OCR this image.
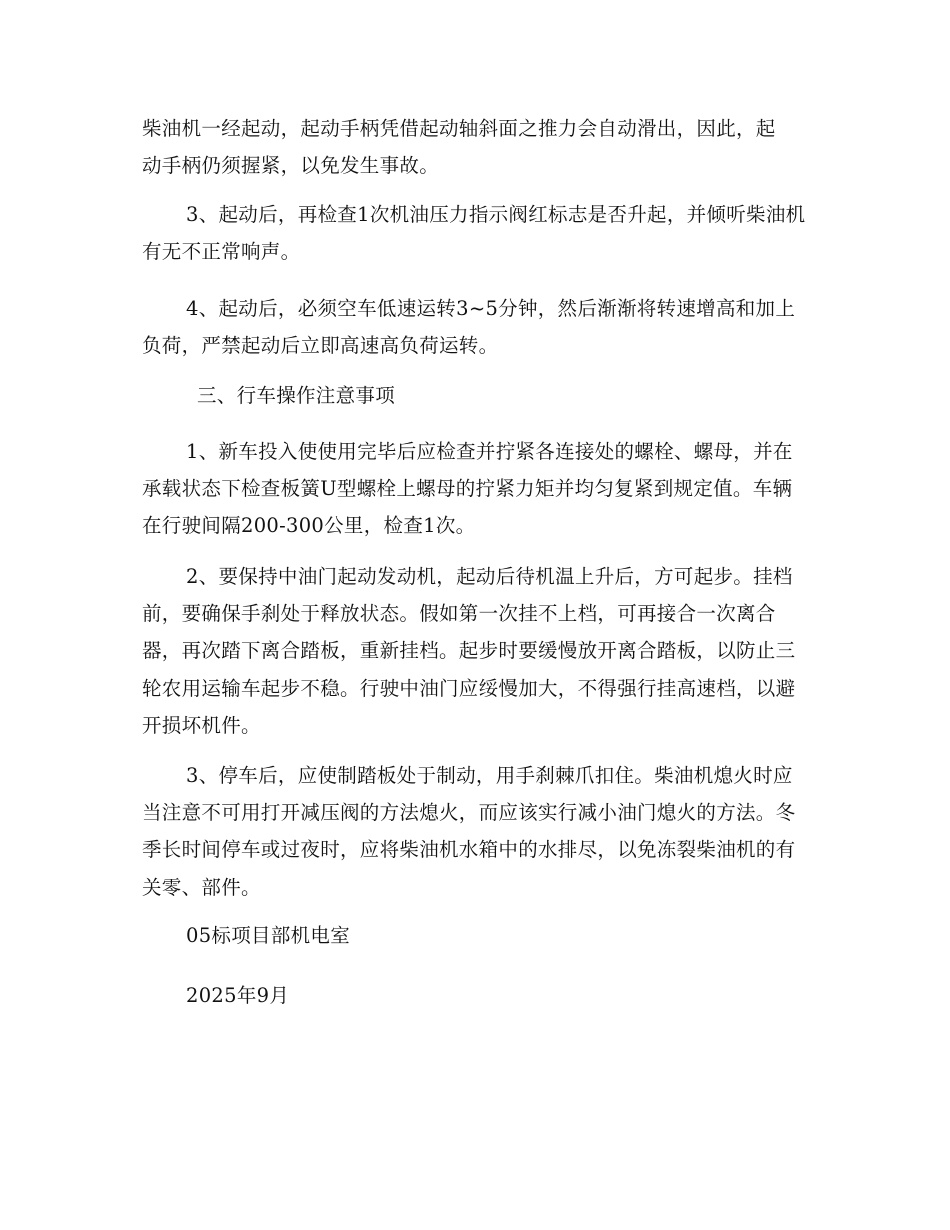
柴油机一经起动，起动手柄凭借起动轴斜面之推力会自动滑出，因此，起动手柄仍须握紧，以免发生事故。

3、起动后，再检查1次机油压力指示阀红标志是否升起，并倾听柴油机有无不正常响声。

4、起动后，必须空车低速运转3~5分钟，然后渐渐将转速增高和加上负荷，严禁起动后立即高速高负荷运转。

三、行车操作注意事项

1、新车投入使使用完毕后应检查并拧紧各连接处的螺栓、螺母，并在承载状态下检查板簧U型螺栓上螺母的拧紧力矩并均匀复紧到规定值。车辆在行驶间隔200-300公里，检查1次。

2、要保持中油门起动发动机，起动后待机温上升后，方可起步。挂档前，要确保手刹处于释放状态。假如第一次挂不上档，可再接合一次离合器，再次踏下离合踏板，重新挂档。起步时要缓慢放开离合踏板，以防止三轮农用运输车起步不稳。行驶中油门应绥慢加大，不得强行挂高速档，以避开损坏机件。

3、停车后，应使制踏板处于制动，用手刹棘爪扣住。柴油机熄火时应当注意不可用打开减压阀的方法熄火，而应该实行减小油门熄火的方法。冬季长时间停车或过夜时，应将柴油机水箱中的水排尽，以免冻裂柴油机的有关零、部件。

05标项目部机电室

2025年9月
